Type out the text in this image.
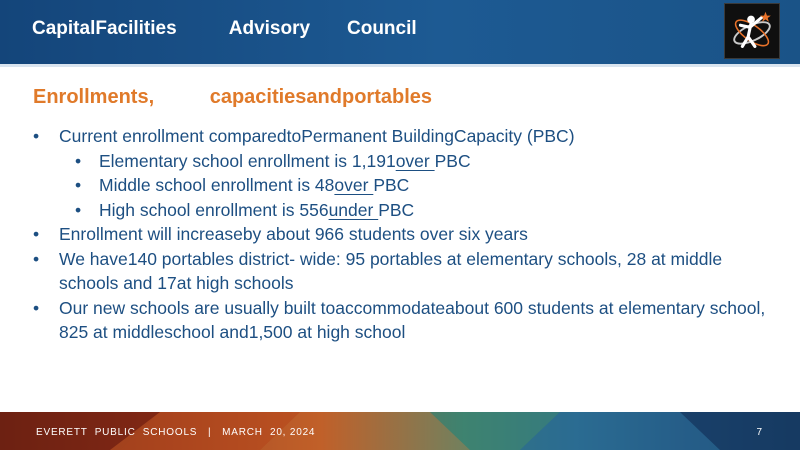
CapitalFacilities          Advisory       Council
Enrollments,          capacitiesandportables
• Current enrollment comparedtoPermanent BuildingCapacity (PBC)
• Elementary school enrollment is 1,191over PBC
• Middle school enrollment is 48over PBC
• High school enrollment is 556under PBC
• Enrollment will increaseby about 966 students over six years
• We have140 portables district- wide: 95 portables at elementary schools, 28 at middle schools and 17at high schools
• Our new schools are usually built toaccommodateabout 600 students at elementary school, 825 at middleschool and1,500 at high school
EVERETT  PUBLIC  SCHOOLS   |   MARCH  20, 2024	7
